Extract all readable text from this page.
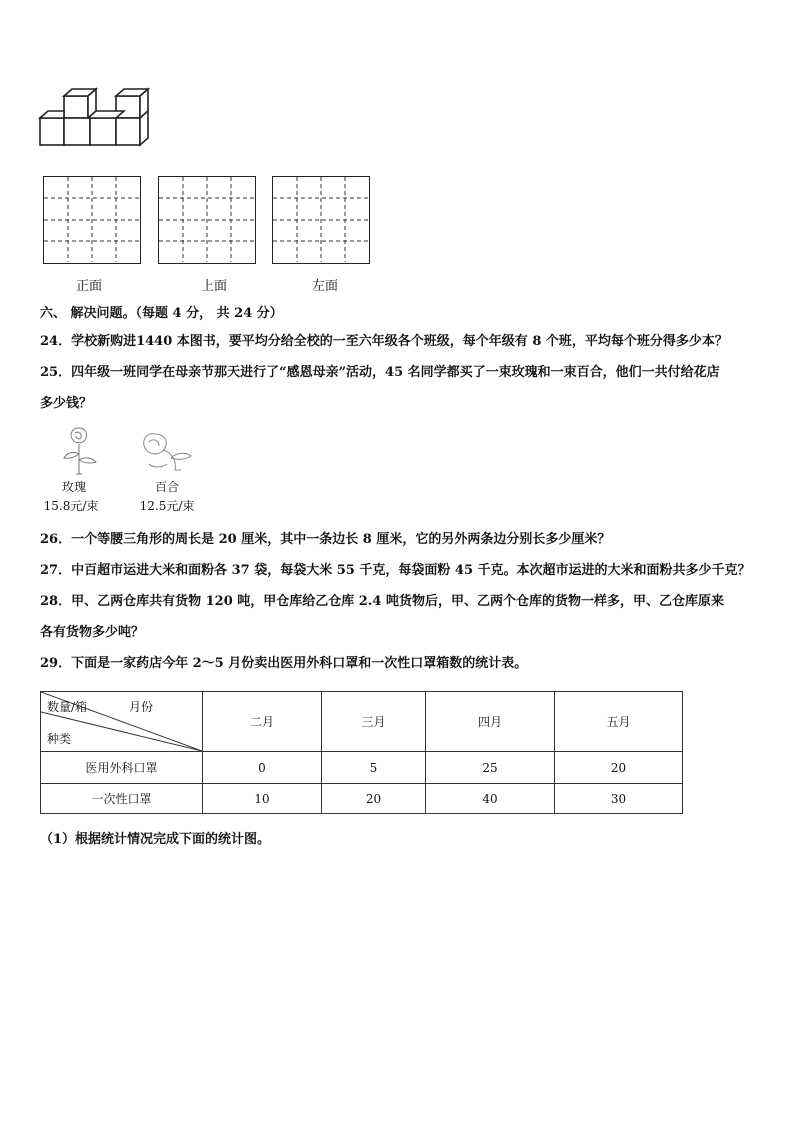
正面	上面	左面
六、 解决问题。（每题 4 分， 共 24 分）
24．学校新购进1440 本图书，要平均分给全校的一至六年级各个班级，每个年级有 8 个班，平均每个班分得多少本？
25．四年级一班同学在母亲节那天进行了“感恩母亲”活动，45 名同学都买了一束玫瑰和一束百合，他们一共付给花店
多少钱？
玫瑰
15.8元/束
百合
12.5元/束
26．一个等腰三角形的周长是 20 厘米，其中一条边长 8 厘米，它的另外两条边分别长多少厘米？
27．中百超市运进大米和面粉各 37 袋，每袋大米 55 千克，每袋面粉 45 千克。本次超市运进的大米和面粉共多少千克？
28．甲、乙两仓库共有货物 120 吨，甲仓库给乙仓库 2.4 吨货物后，甲、乙两个仓库的货物一样多，甲、乙仓库原来
各有货物多少吨？
29．下面是一家药店今年 2～5 月份卖出医用外科口罩和一次性口罩箱数的统计表。
月份
数量/箱
种类	二月	三月	四月	五月
医用外科口罩	0	5	25	20
一次性口罩	10	20	40	30
（1）根据统计情况完成下面的统计图。
